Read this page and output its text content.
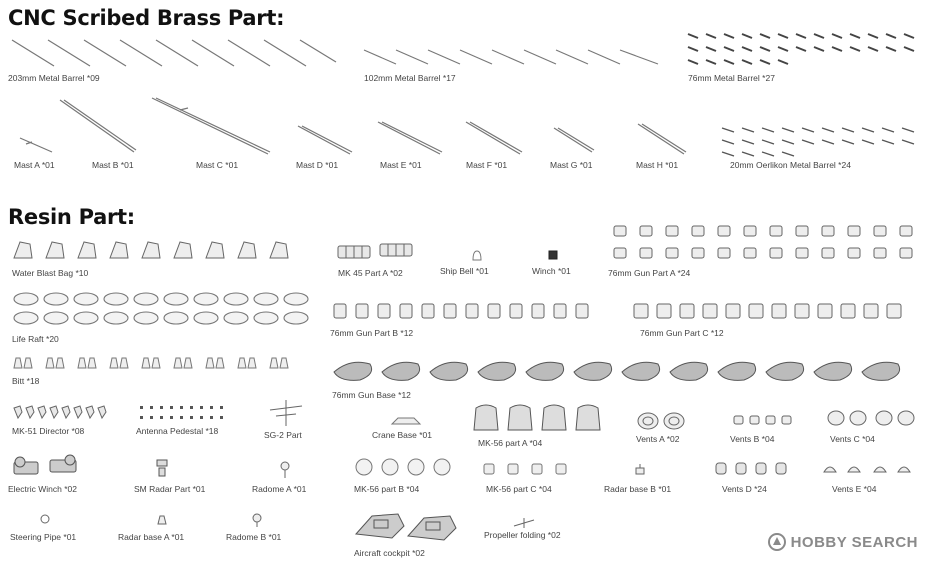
CNC Scribed Brass Part:
Resin Part:
203mm Metal Barrel *09	102mm Metal Barrel *17	76mm Metal Barrel *27
Mast A *01	Mast B *01	Mast C *01	Mast D *01	Mast E *01	Mast F *01	Mast G *01	Mast H *01	20mm Oerlikon Metal Barrel *24
Water Blast Bag *10	MK 45 Part A *02	Ship Bell *01	Winch *01	76mm Gun Part A *24
Life Raft *20
76mm Gun Part B *12	76mm Gun Part C *12
Bitt *18
76mm Gun Base *12
MK-51 Director *08	Antenna Pedestal *18	SG-2 Part	Crane Base *01
MK-56 part A *04	Vents A *02	Vents B *04	Vents C *04
Electric Winch *02	SM Radar Part *01	Radome A *01	MK-56 part B *04	MK-56 part C *04	Radar base B *01	Vents D *24	Vents E *04
Steering Pipe *01	Radar base A *01	Radome B *01
Aircraft cockpit *02
Propeller folding *02	HOBBY SEARCH
